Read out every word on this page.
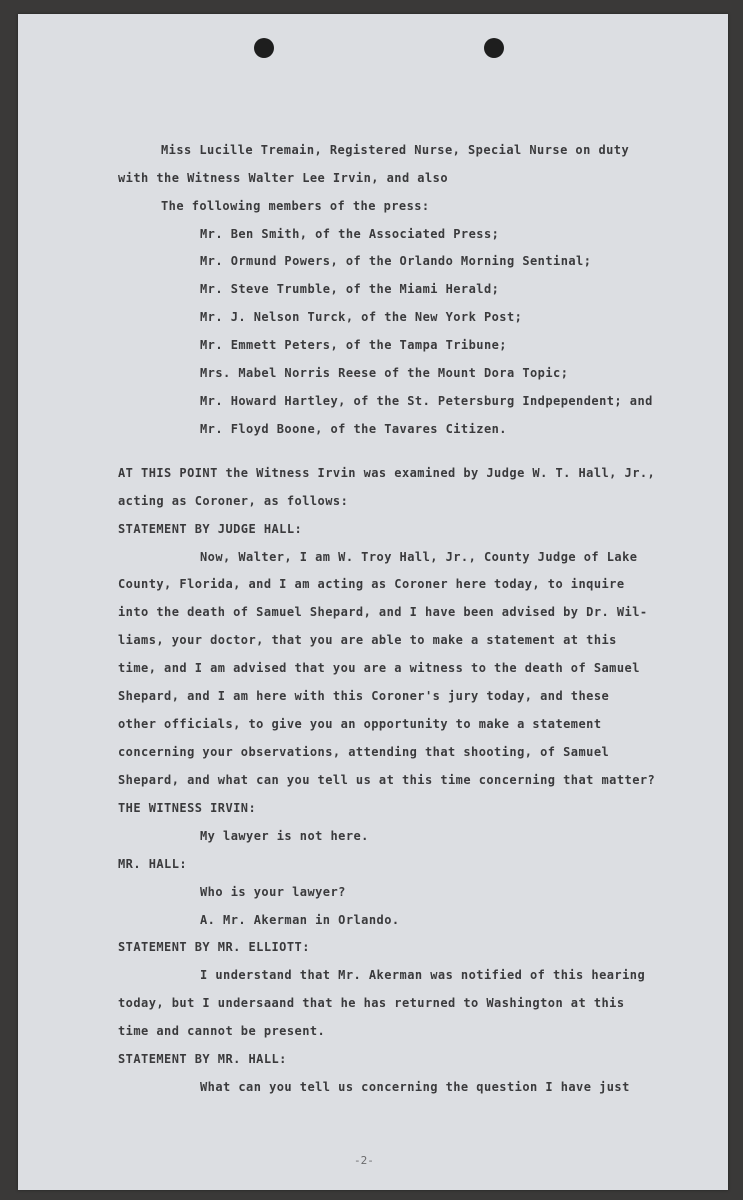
Miss Lucille Tremain, Registered Nurse, Special Nurse on duty
with the Witness Walter Lee Irvin, and also
The following members of the press:
Mr. Ben Smith, of the Associated Press;
Mr. Ormund Powers, of the Orlando Morning Sentinal;
Mr. Steve Trumble, of the Miami Herald;
Mr. J. Nelson Turck, of the New York Post;
Mr. Emmett Peters, of the Tampa Tribune;
Mrs. Mabel Norris Reese of the Mount Dora Topic;
Mr. Howard Hartley, of the St. Petersburg Indpependent; and
Mr. Floyd Boone, of the Tavares Citizen.
AT THIS POINT the Witness Irvin was examined by Judge W. T. Hall, Jr.,
acting as Coroner, as follows:
STATEMENT BY JUDGE HALL:
Now, Walter, I am W. Troy Hall, Jr., County Judge of Lake
County, Florida, and I am acting as Coroner here today, to inquire
into the death of Samuel Shepard, and I have been advised by Dr. Wil-
liams, your doctor, that you are able to make a statement at this
time, and I am advised that you are a witness to the death of Samuel
Shepard, and I am here with this Coroner's jury today, and these
other officials, to give you an opportunity to make a statement
concerning your observations, attending that shooting, of Samuel
Shepard, and what can you tell us at this time concerning that matter?
THE WITNESS IRVIN:
My lawyer is not here.
MR. HALL:
Who is your lawyer?
A. Mr. Akerman in Orlando.
STATEMENT BY MR. ELLIOTT:
I understand that Mr. Akerman was notified of this hearing
today, but I undersaand that he has returned to Washington at this
time and cannot be present.
STATEMENT BY MR. HALL:
What can you tell us concerning the question I have just
-2-
